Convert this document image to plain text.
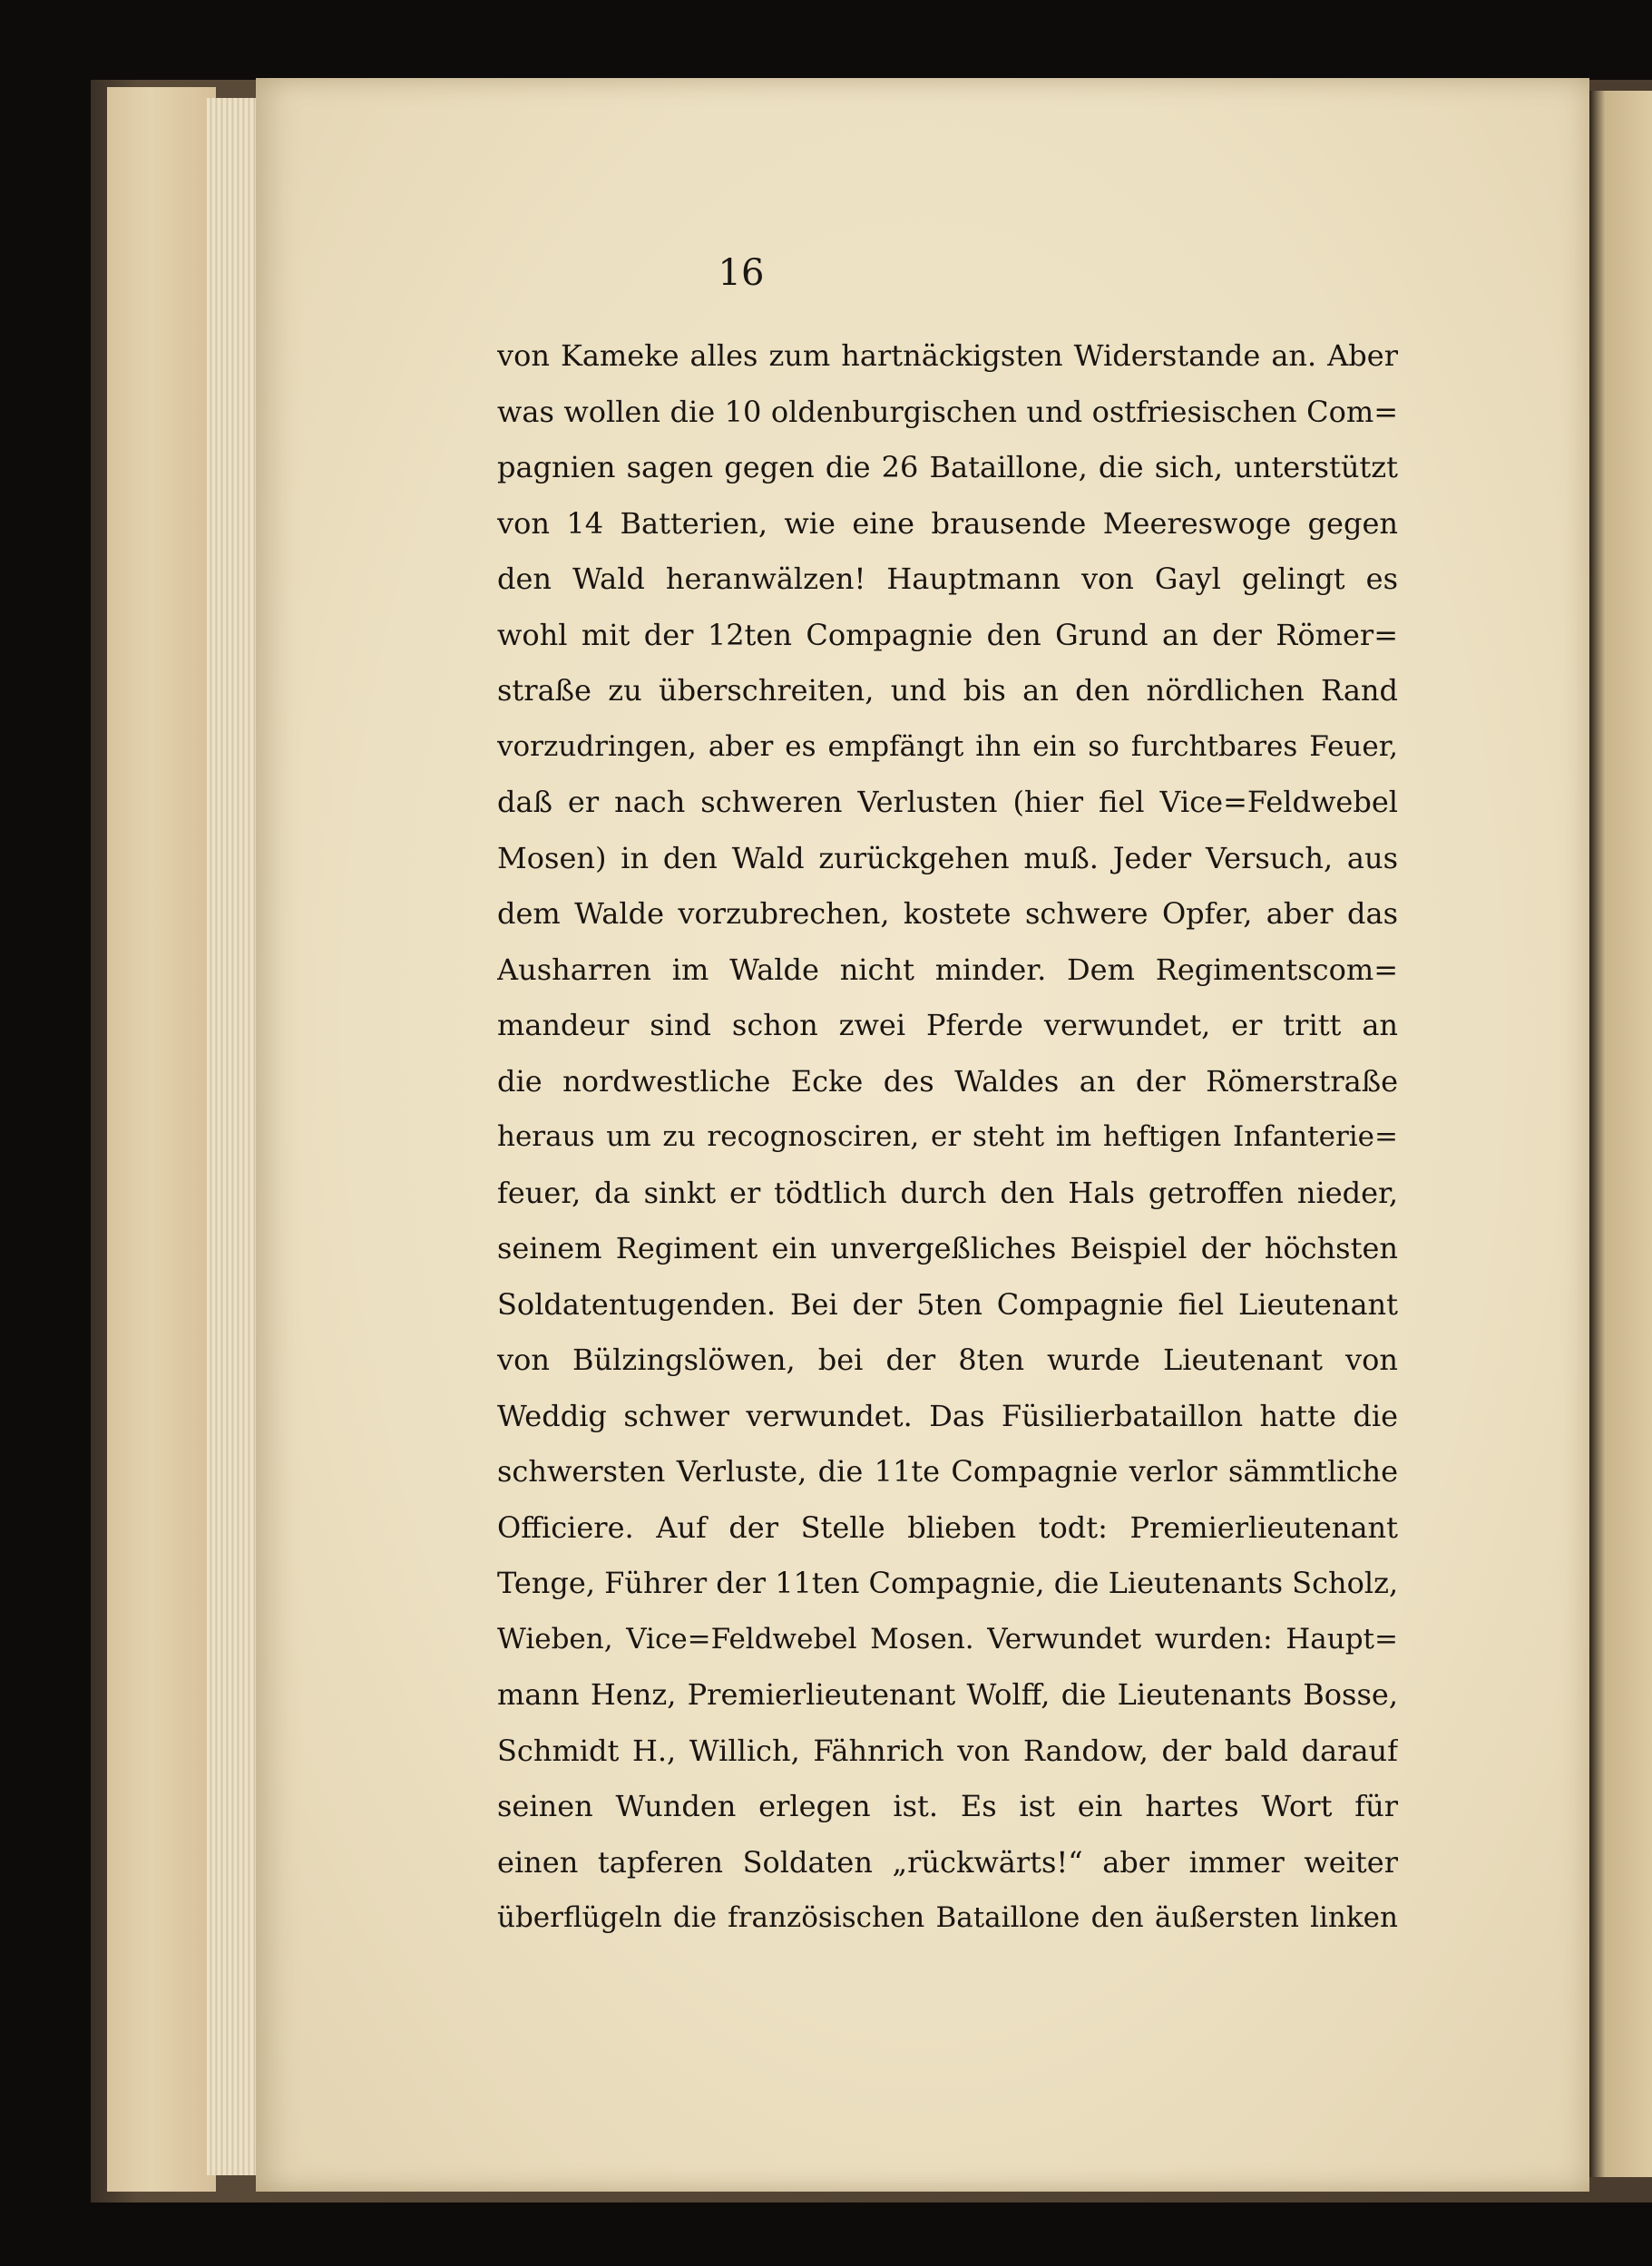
16
von Kameke alles zum hartnäckigsten Widerstande an. Aber
was wollen die 10 oldenburgischen und ostfriesischen Com=
pagnien sagen gegen die 26 Bataillone, die sich, unterstützt
von 14 Batterien, wie eine brausende Meereswoge gegen
den Wald heranwälzen! Hauptmann von Gayl gelingt es
wohl mit der 12ten Compagnie den Grund an der Römer=
straße zu überschreiten, und bis an den nördlichen Rand
vorzudringen, aber es empfängt ihn ein so furchtbares Feuer,
daß er nach schweren Verlusten (hier fiel Vice=Feldwebel
Mosen) in den Wald zurückgehen muß. Jeder Versuch, aus
dem Walde vorzubrechen, kostete schwere Opfer, aber das
Ausharren im Walde nicht minder. Dem Regimentscom=
mandeur sind schon zwei Pferde verwundet, er tritt an
die nordwestliche Ecke des Waldes an der Römerstraße
heraus um zu recognosciren, er steht im heftigen Infanterie=
feuer, da sinkt er tödtlich durch den Hals getroffen nieder,
seinem Regiment ein unvergeßliches Beispiel der höchsten
Soldatentugenden. Bei der 5ten Compagnie fiel Lieutenant
von Bülzingslöwen, bei der 8ten wurde Lieutenant von
Weddig schwer verwundet. Das Füsilierbataillon hatte die
schwersten Verluste, die 11te Compagnie verlor sämmtliche
Officiere. Auf der Stelle blieben todt: Premierlieutenant
Tenge, Führer der 11ten Compagnie, die Lieutenants Scholz,
Wieben, Vice=Feldwebel Mosen. Verwundet wurden: Haupt=
mann Henz, Premierlieutenant Wolff, die Lieutenants Bosse,
Schmidt H., Willich, Fähnrich von Randow, der bald darauf
seinen Wunden erlegen ist. Es ist ein hartes Wort für
einen tapferen Soldaten „rückwärts!“ aber immer weiter
überflügeln die französischen Bataillone den äußersten linken
